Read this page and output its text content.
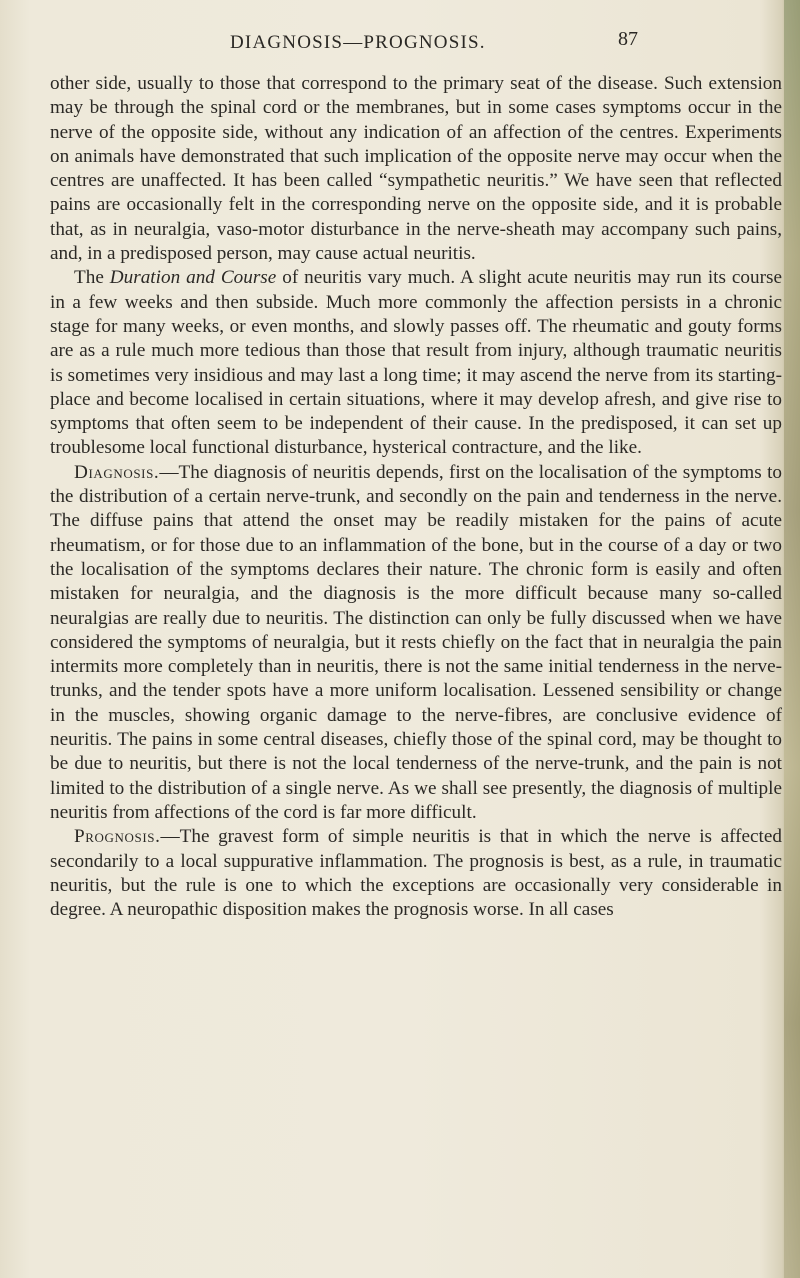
DIAGNOSIS—PROGNOSIS.	87

other side, usually to those that correspond to the primary seat of the disease. Such extension may be through the spinal cord or the membranes, but in some cases symptoms occur in the nerve of the opposite side, without any indication of an affection of the centres. Experiments on animals have demonstrated that such implication of the opposite nerve may occur when the centres are unaffected. It has been called “sympathetic neuritis.” We have seen that reflected pains are occasionally felt in the corresponding nerve on the opposite side, and it is probable that, as in neuralgia, vaso-motor disturbance in the nerve-sheath may accompany such pains, and, in a predisposed person, may cause actual neuritis.

The Duration and Course of neuritis vary much. A slight acute neuritis may run its course in a few weeks and then subside. Much more commonly the affection persists in a chronic stage for many weeks, or even months, and slowly passes off. The rheumatic and gouty forms are as a rule much more tedious than those that result from injury, although traumatic neuritis is sometimes very insidious and may last a long time; it may ascend the nerve from its starting-place and become localised in certain situations, where it may develop afresh, and give rise to symptoms that often seem to be independent of their cause. In the predisposed, it can set up troublesome local functional disturbance, hysterical contracture, and the like.

Diagnosis.—The diagnosis of neuritis depends, first on the localisation of the symptoms to the distribution of a certain nerve-trunk, and secondly on the pain and tenderness in the nerve. The diffuse pains that attend the onset may be readily mistaken for the pains of acute rheumatism, or for those due to an inflammation of the bone, but in the course of a day or two the localisation of the symptoms declares their nature. The chronic form is easily and often mistaken for neuralgia, and the diagnosis is the more difficult because many so-called neuralgias are really due to neuritis. The distinction can only be fully discussed when we have considered the symptoms of neuralgia, but it rests chiefly on the fact that in neuralgia the pain intermits more completely than in neuritis, there is not the same initial tenderness in the nerve-trunks, and the tender spots have a more uniform localisation. Lessened sensibility or change in the muscles, showing organic damage to the nerve-fibres, are conclusive evidence of neuritis. The pains in some central diseases, chiefly those of the spinal cord, may be thought to be due to neuritis, but there is not the local tenderness of the nerve-trunk, and the pain is not limited to the distribution of a single nerve. As we shall see presently, the diagnosis of multiple neuritis from affections of the cord is far more difficult.

Prognosis.—The gravest form of simple neuritis is that in which the nerve is affected secondarily to a local suppurative inflammation. The prognosis is best, as a rule, in traumatic neuritis, but the rule is one to which the exceptions are occasionally very considerable in degree. A neuropathic disposition makes the prognosis worse. In all cases
